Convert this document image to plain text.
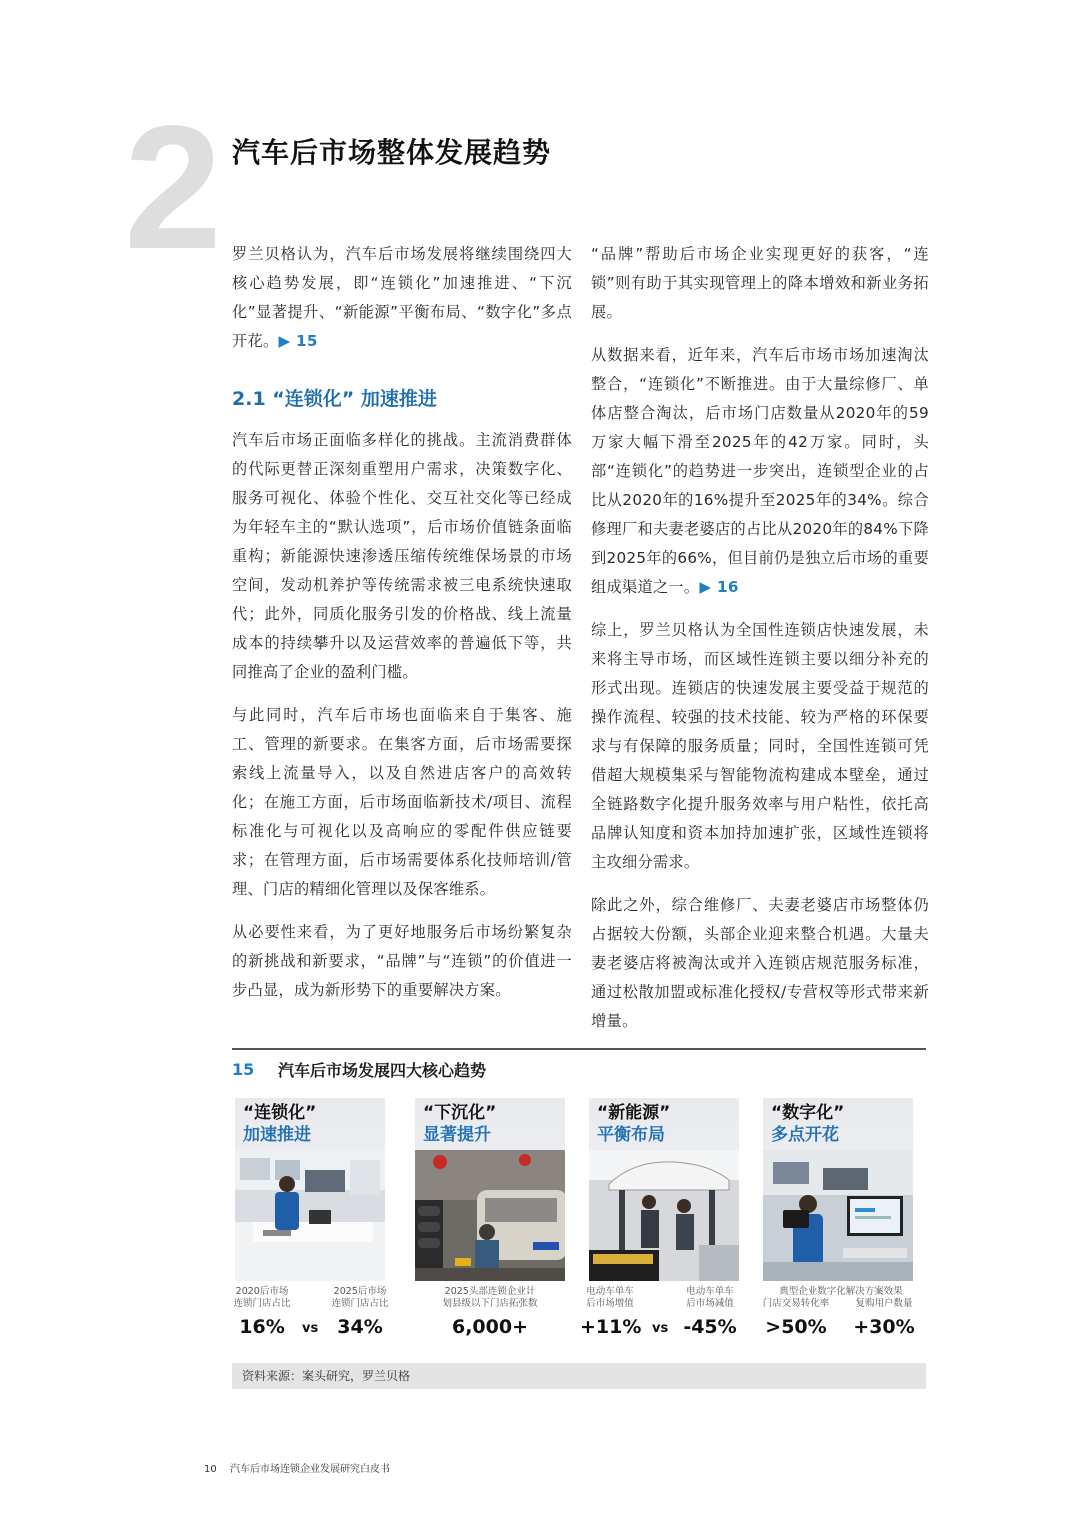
2 汽车后市场整体发展趋势

罗兰贝格认为，汽车后市场发展将继续围绕四大核心趋势发展，即“连锁化”加速推进、“下沉化”显著提升、“新能源”平衡布局、“数字化”多点开花。▶ 15

2.1 “连锁化” 加速推进

汽车后市场正面临多样化的挑战。主流消费群体的代际更替正深刻重塑用户需求，决策数字化、服务可视化、体验个性化、交互社交化等已经成为年轻车主的“默认选项”，后市场价值链条面临重构；新能源快速渗透压缩传统维保场景的市场空间，发动机养护等传统需求被三电系统快速取代；此外，同质化服务引发的价格战、线上流量成本的持续攀升以及运营效率的普遍低下等，共同推高了企业的盈利门槛。

与此同时，汽车后市场也面临来自于集客、施工、管理的新要求。在集客方面，后市场需要探索线上流量导入，以及自然进店客户的高效转化；在施工方面，后市场面临新技术/项目、流程标准化与可视化以及高响应的零配件供应链要求；在管理方面，后市场需要体系化技师培训/管理、门店的精细化管理以及保客维系。

从必要性来看，为了更好地服务后市场纷繁复杂的新挑战和新要求，“品牌”与“连锁”的价值进一步凸显，成为新形势下的重要解决方案。

“品牌”帮助后市场企业实现更好的获客，“连锁”则有助于其实现管理上的降本增效和新业务拓展。

从数据来看，近年来，汽车后市场市场加速淘汰整合，“连锁化”不断推进。由于大量综修厂、单体店整合淘汰，后市场门店数量从2020年的59万家大幅下滑至2025年的42万家。同时，头部“连锁化”的趋势进一步突出，连锁型企业的占比从2020年的16%提升至2025年的34%。综合修理厂和夫妻老婆店的占比从2020年的84%下降到2025年的66%，但目前仍是独立后市场的重要组成渠道之一。▶ 16

综上，罗兰贝格认为全国性连锁店快速发展，未来将主导市场，而区域性连锁主要以细分补充的形式出现。连锁店的快速发展主要受益于规范的操作流程、较强的技术技能、较为严格的环保要求与有保障的服务质量；同时，全国性连锁可凭借超大规模集采与智能物流构建成本壁垒，通过全链路数字化提升服务效率与用户粘性，依托高品牌认知度和资本加持加速扩张，区域性连锁将主攻细分需求。

除此之外，综合维修厂、夫妻老婆店市场整体仍占据较大份额，头部企业迎来整合机遇。大量夫妻老婆店将被淘汰或并入连锁店规范服务标准，通过松散加盟或标准化授权/专营权等形式带来新增量。

15	汽车后市场发展四大核心趋势
“连锁化”
加速推进
“下沉化”
显著提升
“新能源”
平衡布局
“数字化”
多点开花
2020后市场
连锁门店占比
16%	vs
2025后市场
连锁门店占比
34%
2025头部连锁企业计
划县级以下门店拓张数
6,000+
电动车单车
后市场增值
+11% vs
电动车单车
后市场减值
-45%
典型企业数字化解决方案效果
门店交易转化率
>50%
复购用户数量
+30%
资料来源：案头研究，罗兰贝格
10 汽车后市场连锁企业发展研究白皮书
